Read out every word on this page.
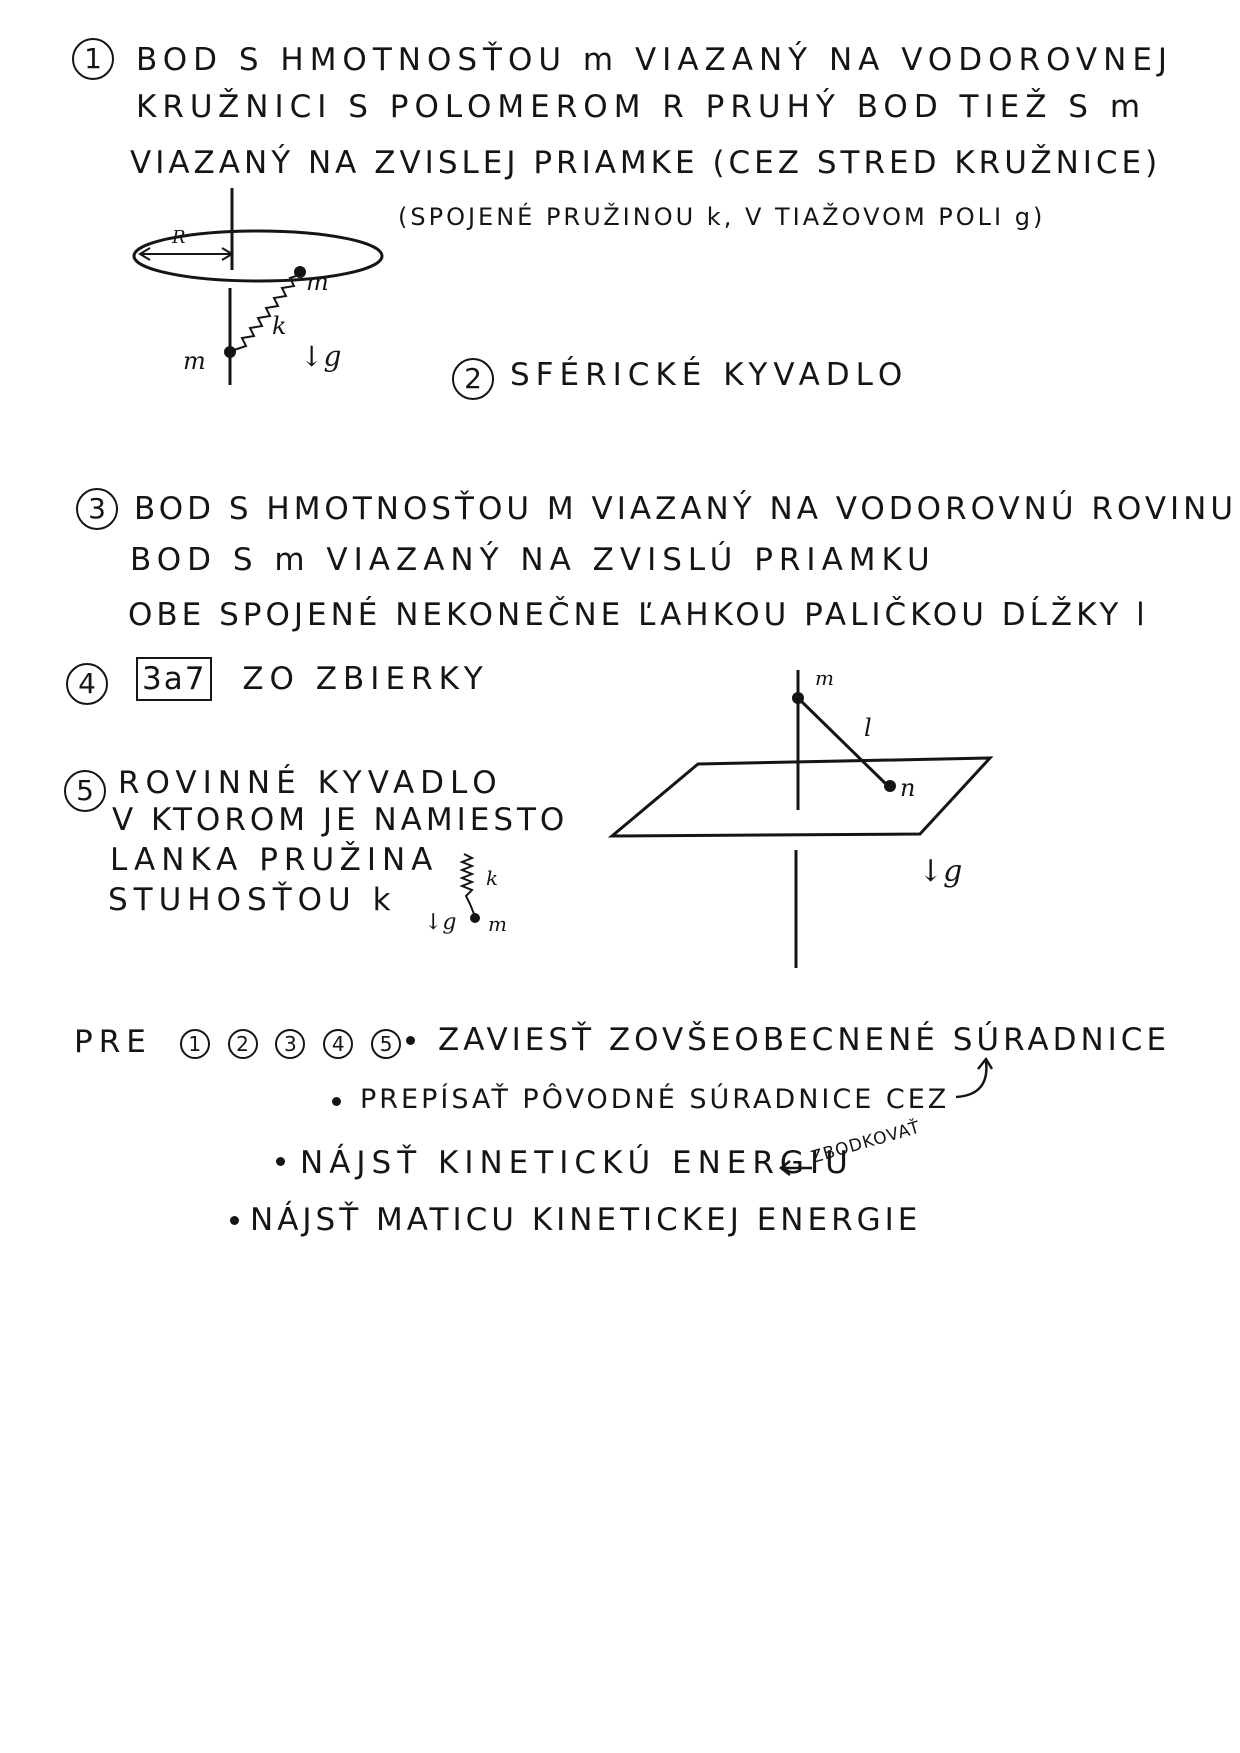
1	BOD S HMOTNOSŤOU m VIAZANÝ NA VODOROVNEJ
KRUŽNICI S POLOMEROM R PRUHÝ BOD TIEŽ S m
VIAZANÝ NA ZVISLEJ PRIAMKE (CEZ STRED KRUŽNICE)
(SPOJENÉ PRUŽINOU k, V TIAŽOVOM POLI g)
R
m
k
m	↓g
2 SFÉRICKÉ KYVADLO
3 BOD S HMOTNOSŤOU M VIAZANÝ NA VODOROVNÚ ROVINU
BOD S m VIAZANÝ NA ZVISLÚ PRIAMKU
OBE SPOJENÉ NEKONEČNE ĽAHKOU PALIČKOU DĹŽKY l
4	3a7 ZO ZBIERKY	m
l
n
↓g
5 ROVINNÉ KYVADLO
V KTOROM JE NAMIESTO
LANKA PRUŽINA
STUHOSŤOU k
k
↓g m
PRE 1 2 3 4 5	ZAVIESŤ ZOVŠEOBECNENÉ SÚRADNICE
PREPÍSAŤ PÔVODNÉ SÚRADNICE CEZ
NÁJSŤ KINETICKÚ ENERGIU
ZBODKOVAŤ
NÁJSŤ MATICU KINETICKEJ ENERGIE
